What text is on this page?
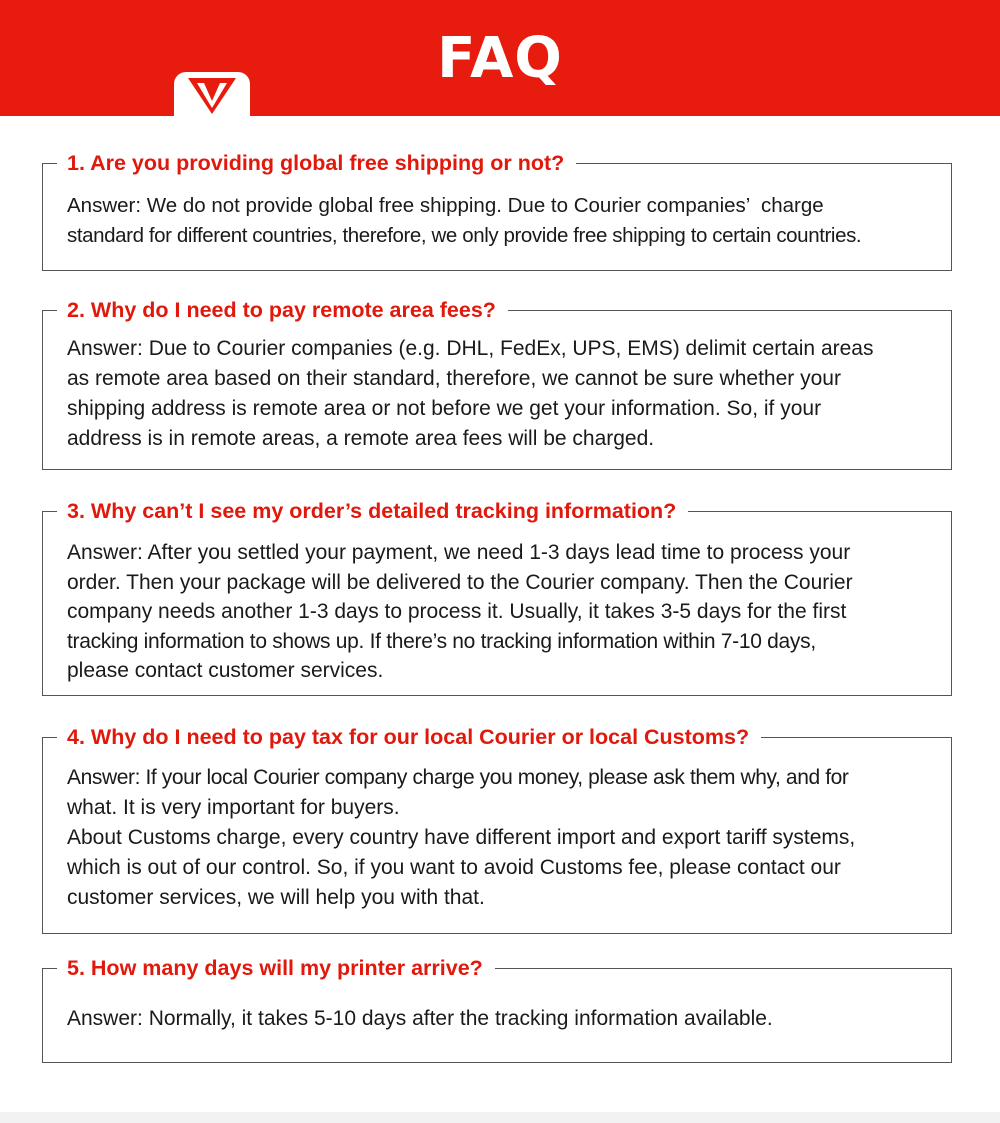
FAQ
1. Are you providing global free shipping or not?
Answer: We do not provide global free shipping. Due to Courier companies’  charge
standard for different countries, therefore, we only provide free shipping to certain countries.
2. Why do I need to pay remote area fees?
Answer: Due to Courier companies (e.g. DHL, FedEx, UPS, EMS) delimit certain areas
as remote area based on their standard, therefore, we cannot be sure whether your
shipping address is remote area or not before we get your information. So, if your
address is in remote areas, a remote area fees will be charged.
3. Why can’t I see my order’s detailed tracking information?
Answer: After you settled your payment, we need 1-3 days lead time to process your
order. Then your package will be delivered to the Courier company. Then the Courier
company needs another 1-3 days to process it. Usually, it takes 3-5 days for the first
tracking information to shows up. If there’s no tracking information within 7-10 days,
please contact customer services.
4. Why do I need to pay tax for our local Courier or local Customs?
Answer: If your local Courier company charge you money, please ask them why, and for
what. It is very important for buyers.
About Customs charge, every country have different import and export tariff systems,
which is out of our control. So, if you want to avoid Customs fee, please contact our
customer services, we will help you with that.
5. How many days will my printer arrive?
Answer: Normally, it takes 5-10 days after the tracking information available.
